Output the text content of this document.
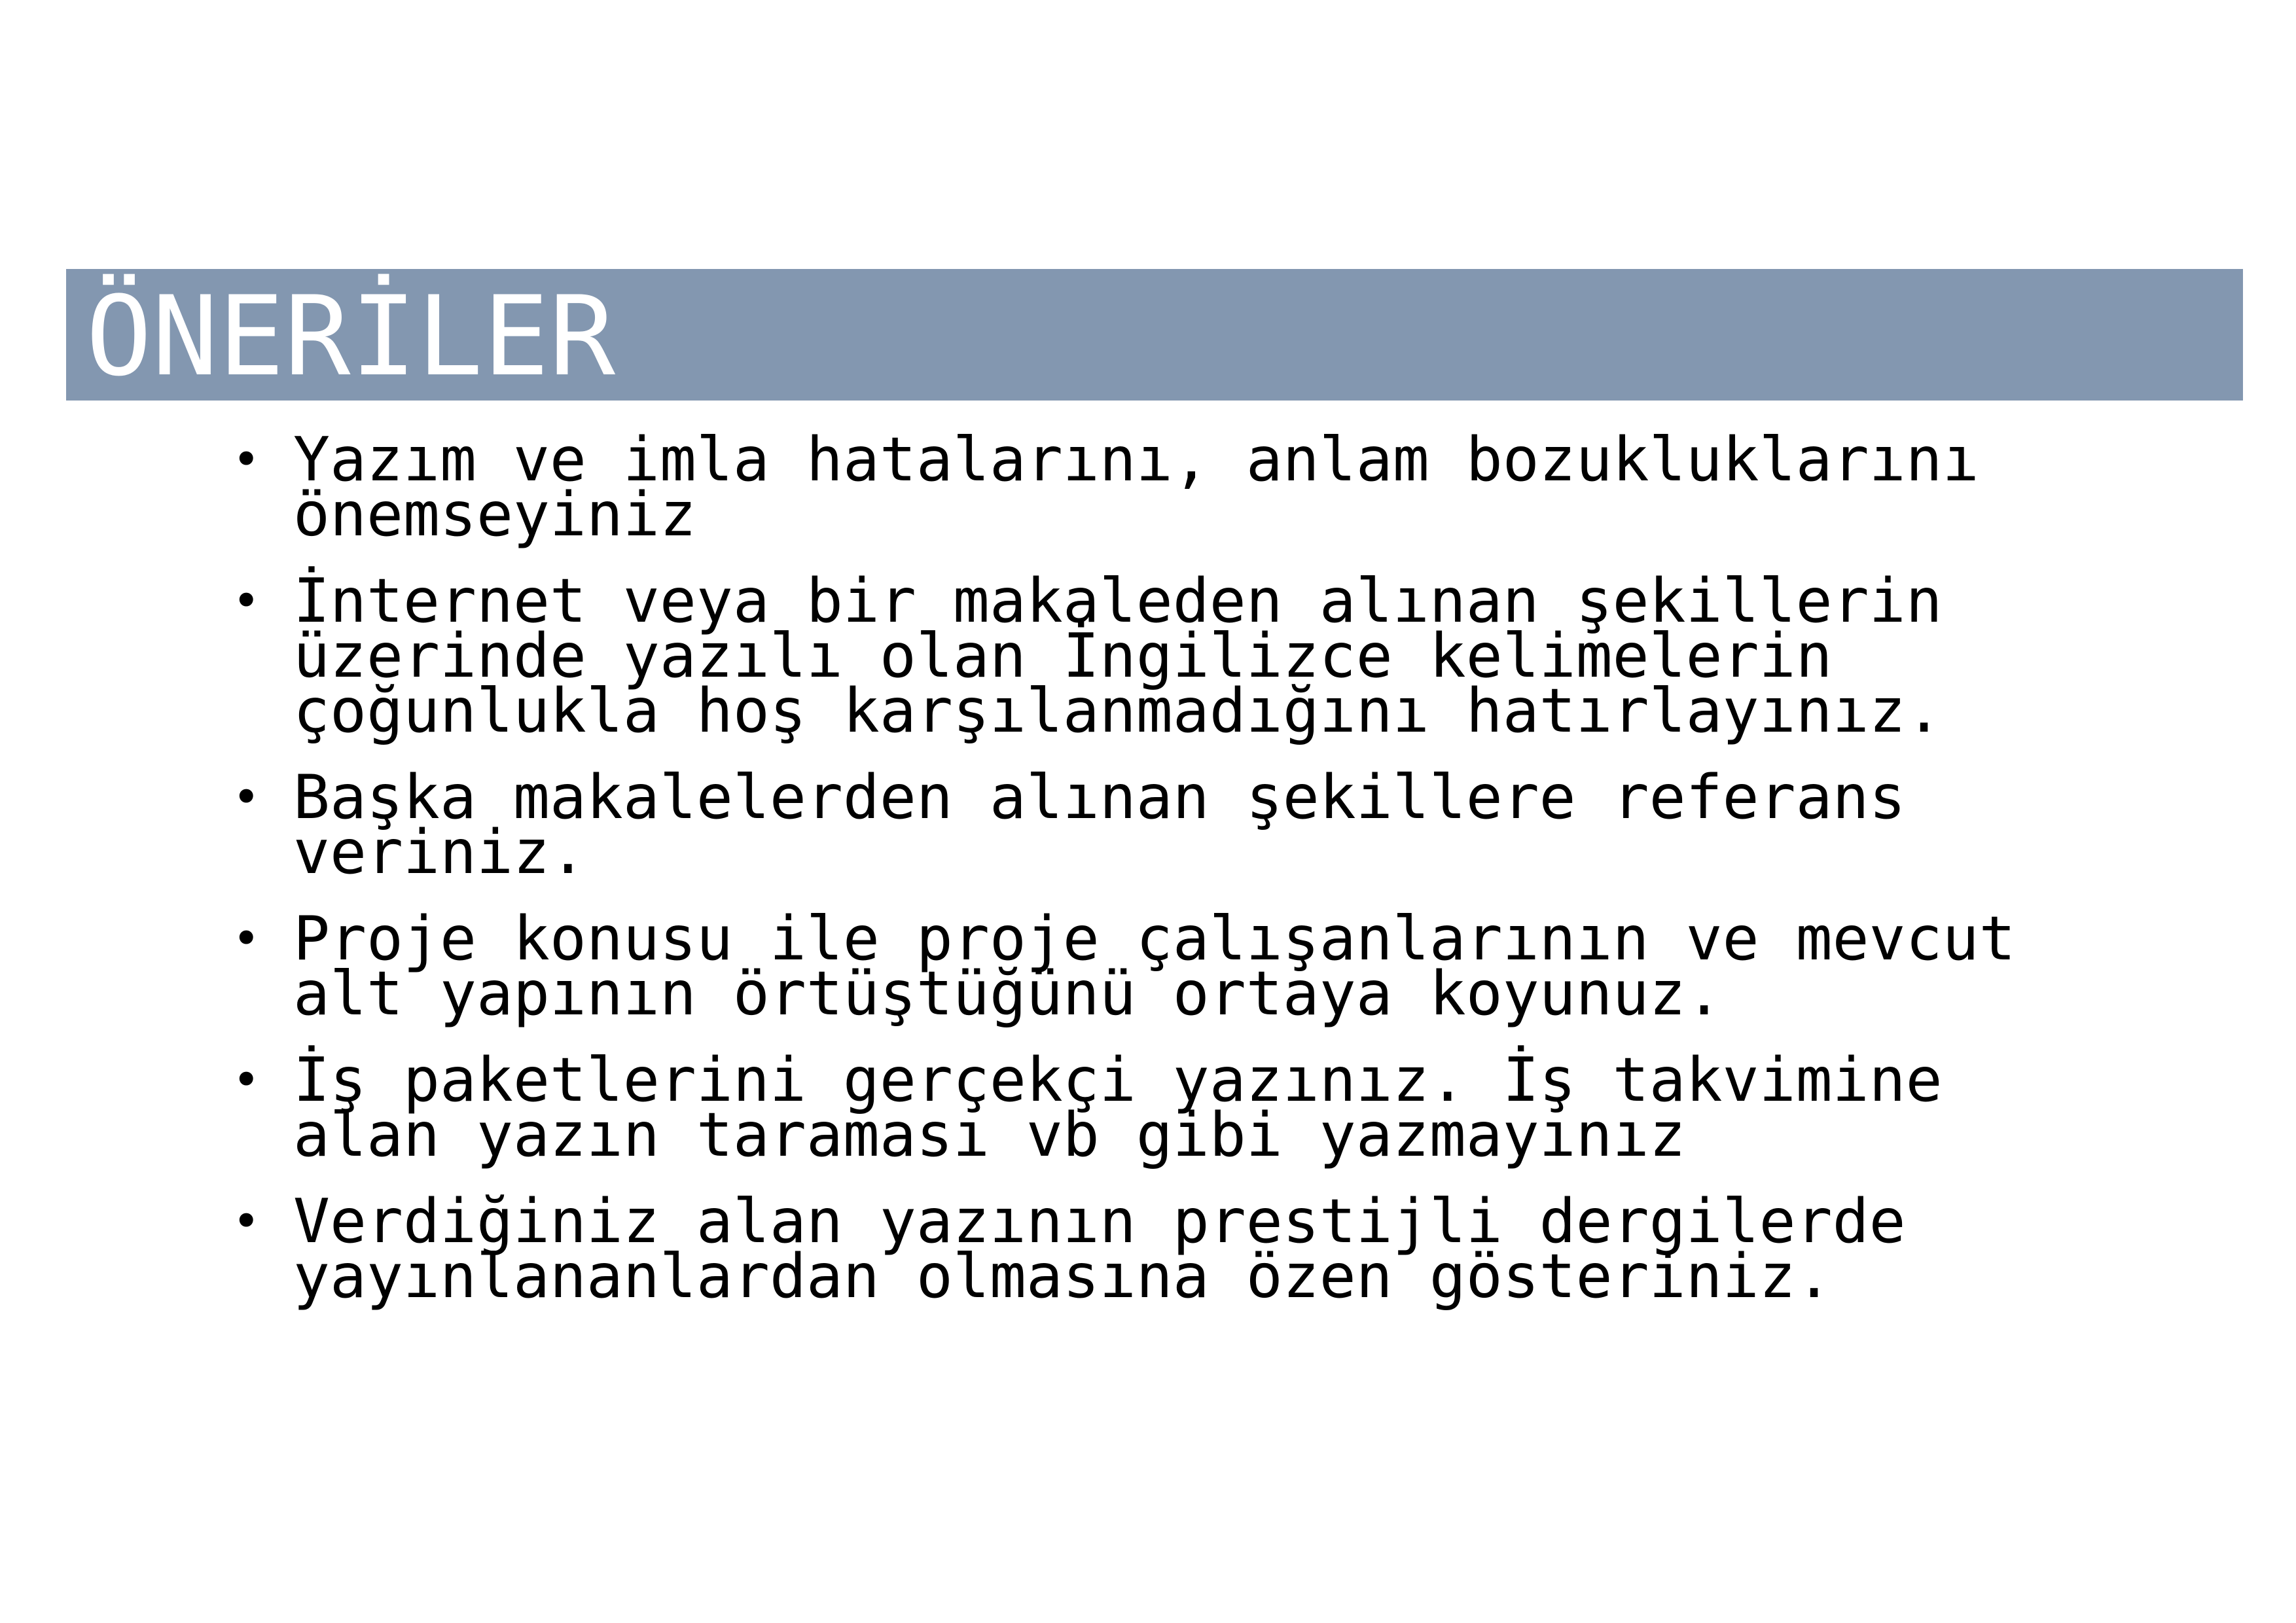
ÖNERİLER
• Yazım ve imla hatalarını, anlam bozukluklarını
önemseyiniz
• İnternet veya bir makaleden alınan şekillerin
üzerinde yazılı olan İngilizce kelimelerin
çoğunlukla hoş karşılanmadığını hatırlayınız.
• Başka makalelerden alınan şekillere referans
veriniz.
• Proje konusu ile proje çalışanlarının ve mevcut
alt yapının örtüştüğünü ortaya koyunuz.
• İş paketlerini gerçekçi yazınız. İş takvimine
alan yazın taraması vb gibi yazmayınız
• Verdiğiniz alan yazının prestijli dergilerde
yayınlananlardan olmasına özen gösteriniz.
